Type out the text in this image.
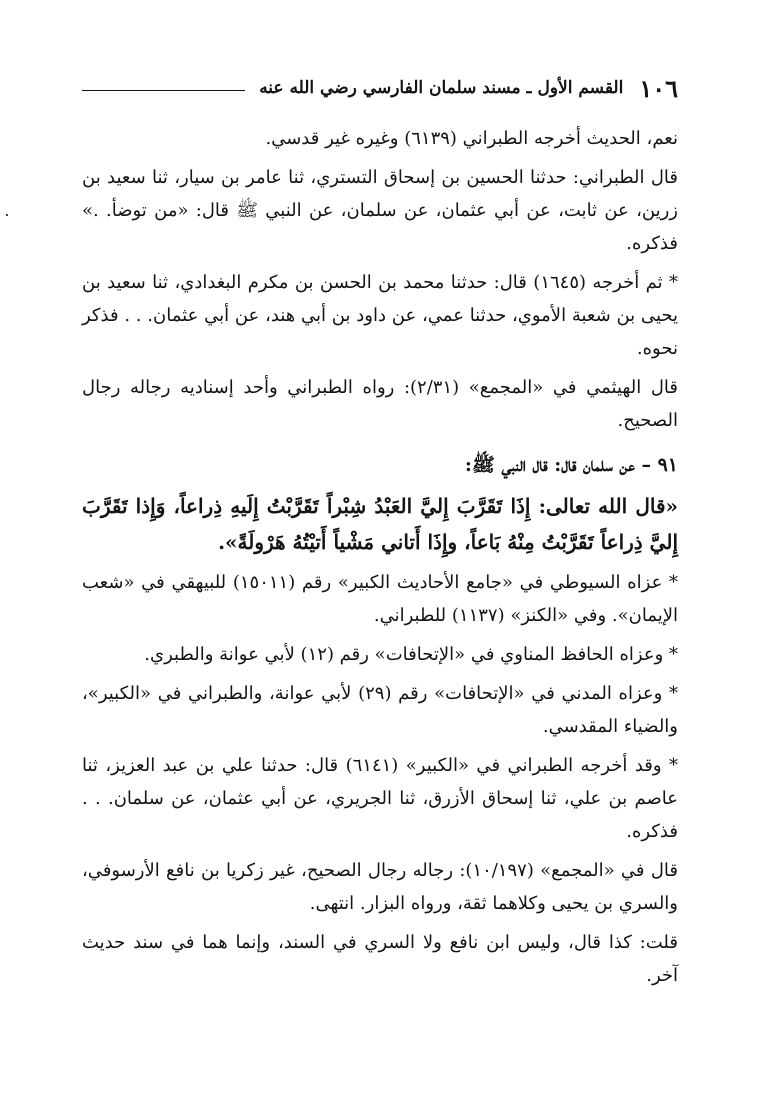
١٠٦
القسم الأول ـ مسند سلمان الفارسي رضي الله عنه

نعم، الحديث أخرجه الطبراني (٦١٣٩) وغيره غير قدسي.

قال الطبراني: حدثنا الحسين بن إسحاق التستري، ثنا عامر بن سيار، ثنا سعيد بن زرين، عن ثابت، عن أبي عثمان، عن سلمان، عن النبي ﷺ قال: «من توضأ. .» فذكره.

* ثم أخرجه (١٦٤٥) قال: حدثنا محمد بن الحسن بن مكرم البغدادي، ثنا سعيد بن يحيى بن شعبة الأموي، حدثنا عمي، عن داود بن أبي هند، عن أبي عثمان. . . فذكر نحوه.

قال الهيثمي في «المجمع» (٢/٣١): رواه الطبراني وأحد إسناديه رجاله رجال الصحيح.

٩١ – عن سلمان قال: قال النبي ﷺ:

«قال الله تعالى: إِذَا تَقَرَّبَ إِليَّ العَبْدُ شِبْراً تَقَرَّبْتُ إِلَيهِ ذِراعاً، وَإِذا تَقَرَّبَ إِليَّ ذِراعاً تَقَرَّبْتُ مِنْهُ بَاعاً، وإِذَا أَتاني مَشْياً أَتيْتُهُ هَرْولَةً».

* عزاه السيوطي في «جامع الأحاديث الكبير» رقم (١٥٠١١) للبيهقي في «شعب الإيمان». وفي «الكنز» (١١٣٧) للطبراني.

* وعزاه الحافظ المناوي في «الإتحافات» رقم (١٢) لأبي عوانة والطبري.

* وعزاه المدني في «الإتحافات» رقم (٢٩) لأبي عوانة، والطبراني في «الكبير»، والضياء المقدسي.

* وقد أخرجه الطبراني في «الكبير» (٦١٤١) قال: حدثنا علي بن عبد العزيز، ثنا عاصم بن علي، ثنا إسحاق الأزرق، ثنا الجريري، عن أبي عثمان، عن سلمان. . . فذكره.

قال في «المجمع» (١٠/١٩٧): رجاله رجال الصحيح، غير زكريا بن نافع الأرسوفي، والسري بن يحيى وكلاهما ثقة، ورواه البزار. انتهى.

قلت: كذا قال، وليس ابن نافع ولا السري في السند، وإنما هما في سند حديث آخر.
